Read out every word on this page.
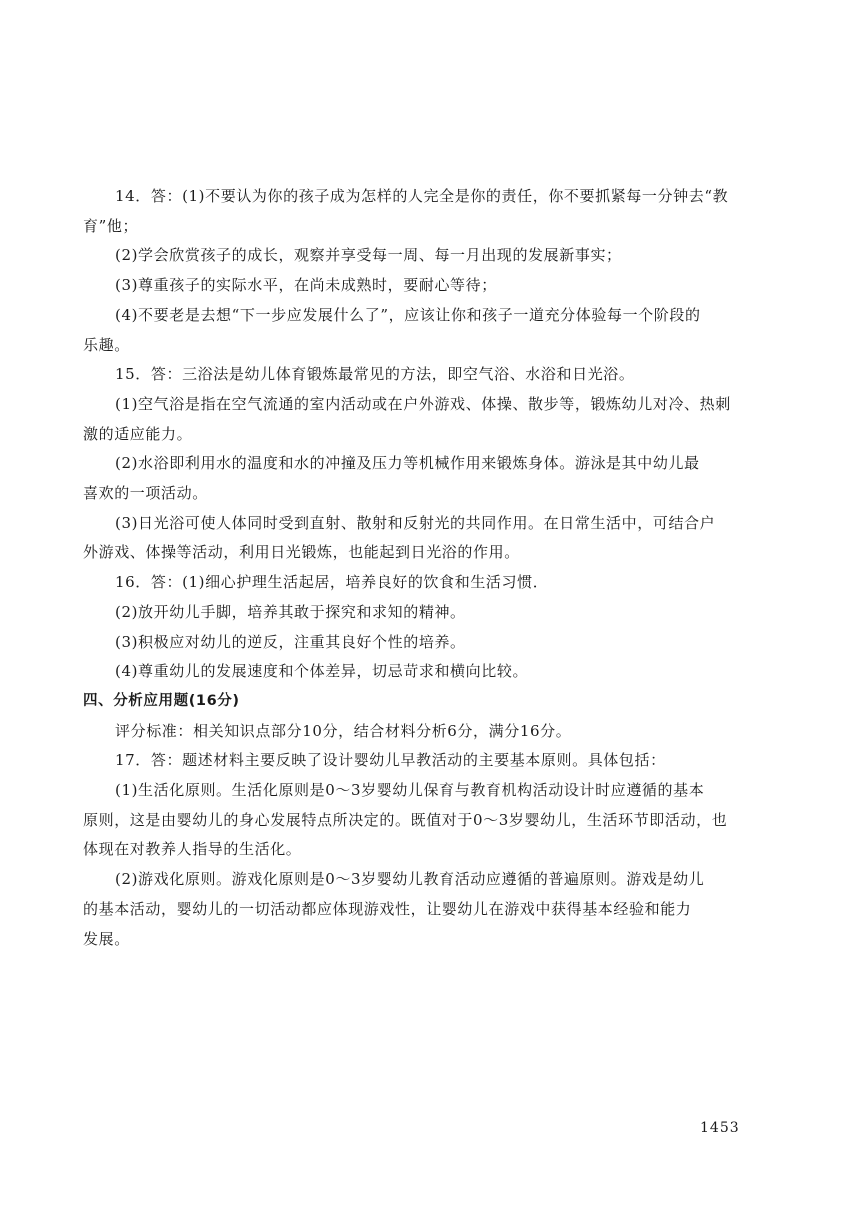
14．答：(1)不要认为你的孩子成为怎样的人完全是你的责任，你不要抓紧每一分钟去“教
育”他；
(2)学会欣赏孩子的成长，观察并享受每一周、每一月出现的发展新事实；
(3)尊重孩子的实际水平，在尚未成熟时，要耐心等待；
(4)不要老是去想“下一步应发展什么了”，应该让你和孩子一道充分体验每一个阶段的
乐趣。
15．答：三浴法是幼儿体育锻炼最常见的方法，即空气浴、水浴和日光浴。
(1)空气浴是指在空气流通的室内活动或在户外游戏、体操、散步等，锻炼幼儿对冷、热刺
激的适应能力。
(2)水浴即利用水的温度和水的冲撞及压力等机械作用来锻炼身体。游泳是其中幼儿最
喜欢的一项活动。
(3)日光浴可使人体同时受到直射、散射和反射光的共同作用。在日常生活中，可结合户
外游戏、体操等活动，利用日光锻炼，也能起到日光浴的作用。
16．答：(1)细心护理生活起居，培养良好的饮食和生活习惯．
(2)放开幼儿手脚，培养其敢于探究和求知的精神。
(3)积极应对幼儿的逆反，注重其良好个性的培养。
(4)尊重幼儿的发展速度和个体差异，切忌苛求和横向比较。
四、分析应用题(16分)
评分标准：相关知识点部分10分，结合材料分析6分，满分16分。
17．答：题述材料主要反映了设计婴幼儿早教活动的主要基本原则。具体包括：
(1)生活化原则。生活化原则是0～3岁婴幼儿保育与教育机构活动设计时应遵循的基本
原则，这是由婴幼儿的身心发展特点所决定的。既值对于0～3岁婴幼儿，生活环节即活动，也
体现在对教养人指导的生活化。
(2)游戏化原则。游戏化原则是0～3岁婴幼儿教育活动应遵循的普遍原则。游戏是幼儿
的基本活动，婴幼儿的一切活动都应体现游戏性，让婴幼儿在游戏中获得基本经验和能力
发展。
1453
